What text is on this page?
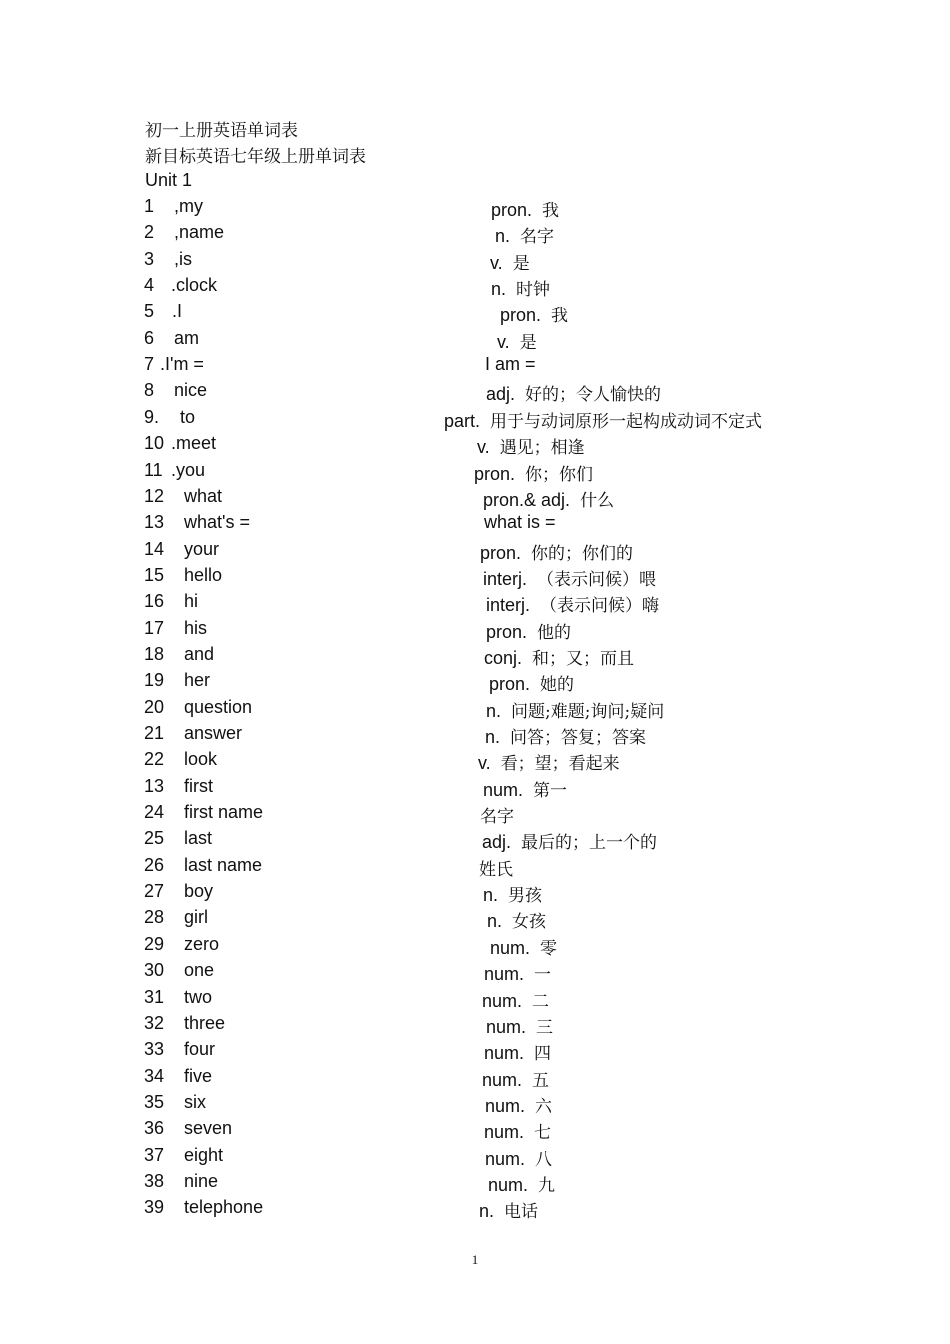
初一上册英语单词表
新目标英语七年级上册单词表
Unit 1
1 ,my	pron. 我
2 ,name	n. 名字
3 ,is	v. 是
4 .clock	n. 时钟
5 .I	pron. 我
6 am	v. 是
7 .I'm =	I am =
8 nice	adj. 好的；令人愉快的
9. to	part. 用于与动词原形一起构成动词不定式
10 .meet	v. 遇见；相逢
11 .you	pron. 你；你们
12 what	pron.& adj. 什么
13 what's =	what is =
14 your	pron. 你的；你们的
15 hello	interj. （表示问候）喂
16 hi	interj. （表示问候）嗨
17 his	pron. 他的
18 and	conj. 和；又；而且
19 her	pron. 她的
20 question	n. 问题;难题;询问;疑问
21 answer	n. 问答；答复；答案
22 look	v. 看；望；看起来
13 first	num. 第一
24 first name	名字
25 last	adj. 最后的；上一个的
26 last name	姓氏
27 boy	n. 男孩
28 girl	n. 女孩
29 zero	num. 零
30 one	num. 一
31 two	num. 二
32 three	num. 三
33 four	num. 四
34 five	num. 五
35 six	num. 六
36 seven	num. 七
37 eight	num. 八
38 nine	num. 九
39 telephone	n. 电话
1
